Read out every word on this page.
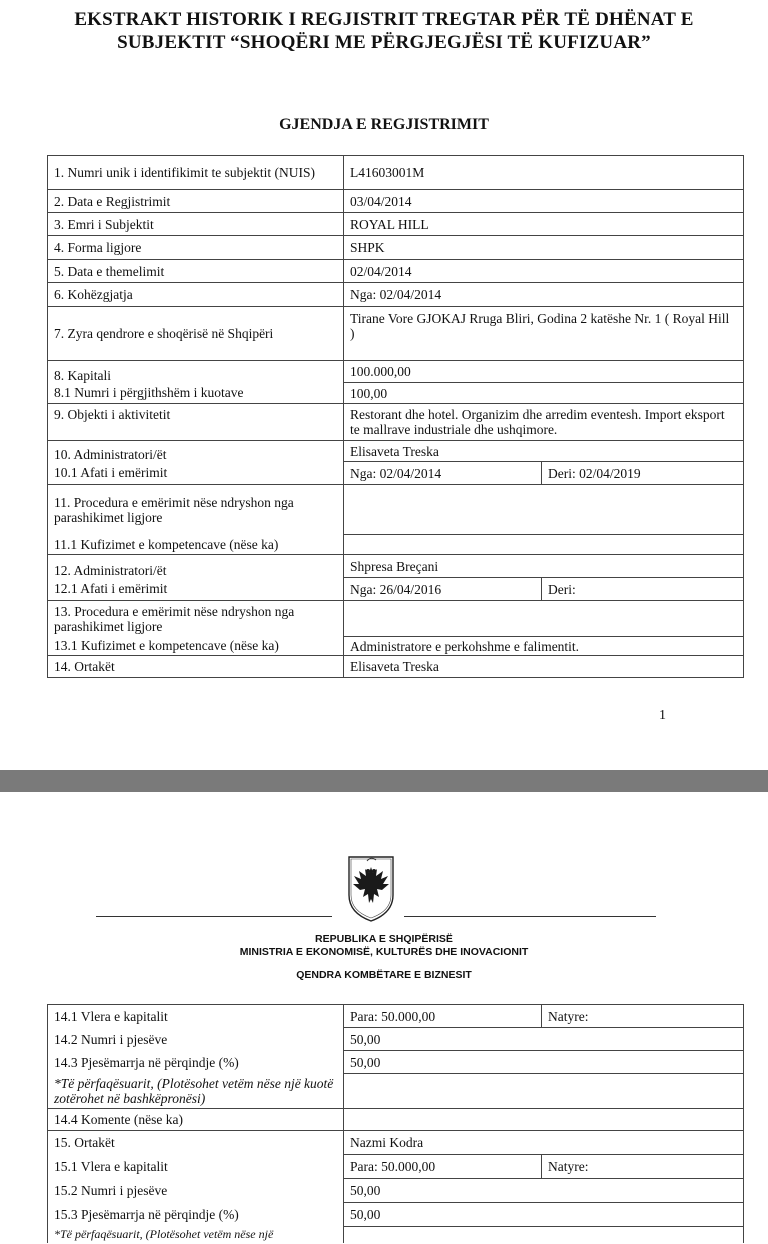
EKSTRAKT HISTORIK I REGJISTRIT TREGTAR PËR TË DHËNAT E SUBJEKTIT “SHOQËRI ME PËRGJEGJËSI TË KUFIZUAR”
GJENDJA E REGJISTRIMIT
1. Numri unik i identifikimit te subjektit (NUIS)	L41603001M	
2. Data e Regjistrimit	03/04/2014	
3. Emri i Subjektit	ROYAL HILL	
4. Forma ligjore	SHPK	
5. Data e themelimit	02/04/2014	
6. Kohëzgjatja	Nga: 02/04/2014	
7. Zyra qendrore e shoqërisë në Shqipëri	Tirane Vore GJOKAJ Rruga Bliri, Godina 2 katëshe Nr. 1 ( Royal Hill )	
8. Kapitali	100.000,00	
8.1 Numri i përgjithshëm i kuotave	100,00	
9. Objekti i aktivitetit	Restorant dhe hotel. Organizim dhe arredim eventesh. Import eksport te mallrave industriale dhe ushqimore.	
10. Administratori/ët	Elisaveta Treska	
10.1 Afati i emërimit	Nga: 02/04/2014	Deri: 02/04/2019
11. Procedura e emërimit nëse ndryshon nga parashikimet ligjore		
11.1 Kufizimet e kompetencave (nëse ka)		
12. Administratori/ët	Shpresa Breçani	
12.1 Afati i emërimit	Nga: 26/04/2016	Deri:
13. Procedura e emërimit nëse ndryshon nga parashikimet ligjore		
13.1 Kufizimet e kompetencave (nëse ka)	Administratore e perkohshme e falimentit.	
14. Ortakët	Elisaveta Treska	
1
REPUBLIKA E SHQIPËRISË
MINISTRIA E EKONOMISË, KULTURËS DHE INOVACIONIT
QENDRA KOMBËTARE E BIZNESIT
14.1 Vlera e kapitalit	Para: 50.000,00	Natyre:
14.2 Numri i pjesëve	50,00	
14.3 Pjesëmarrja në përqindje (%)	50,00	
*Të përfaqësuarit, (Plotësohet vetëm nëse një kuotë zotërohet në bashkëpronësi)		
14.4 Komente (nëse ka)		
15. Ortakët	Nazmi Kodra	
15.1 Vlera e kapitalit	Para: 50.000,00	Natyre:
15.2 Numri i pjesëve	50,00	
15.3 Pjesëmarrja në përqindje (%)	50,00	
*Të përfaqësuarit, (Plotësohet vetëm nëse një		
